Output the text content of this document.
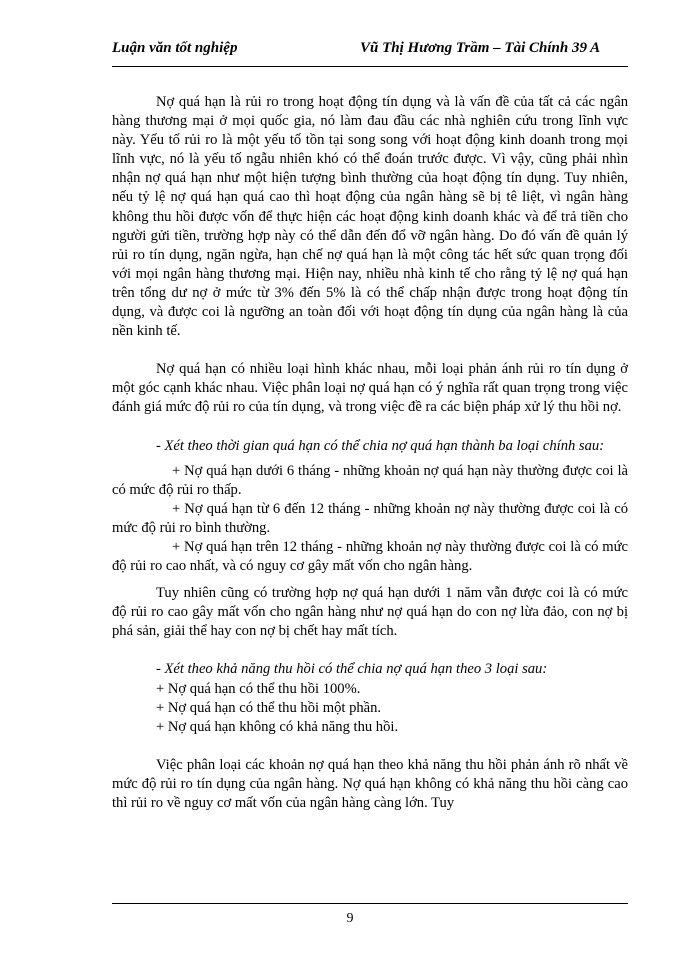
Luận văn tốt nghiệp	Vũ Thị Hương Trầm – Tài Chính 39 A

Nợ quá hạn là rủi ro trong hoạt động tín dụng và là vấn đề của tất cả các ngân hàng thương mại ở mọi quốc gia, nó làm đau đầu các nhà nghiên cứu trong lĩnh vực này. Yếu tố rủi ro là một yếu tố tồn tại song song với hoạt động kinh doanh trong mọi lĩnh vực, nó là yếu tố ngẫu nhiên khó có thể đoán trước được. Vì vậy, cũng phải nhìn nhận nợ quá hạn như một hiện tượng bình thường của hoạt động tín dụng. Tuy nhiên, nếu tỷ lệ nợ quá hạn quá cao thì hoạt động của ngân hàng sẽ bị tê liệt, vì ngân hàng không thu hồi được vốn để thực hiện các hoạt động kinh doanh khác và để trả tiền cho người gửi tiền, trường hợp này có thể dẫn đến đổ vỡ ngân hàng. Do đó vấn đề quản lý rủi ro tín dụng, ngăn ngừa, hạn chế nợ quá hạn là một công tác hết sức quan trọng đối với mọi ngân hàng thương mại. Hiện nay, nhiều nhà kinh tế cho rằng tỷ lệ nợ quá hạn trên tổng dư nợ ở mức từ 3% đến 5% là có thể chấp nhận được trong hoạt động tín dụng, và được coi là ngưỡng an toàn đối với hoạt động tín dụng của ngân hàng là của nền kinh tế.

Nợ quá hạn có nhiều loại hình khác nhau, mỗi loại phản ánh rủi ro tín dụng ở một góc cạnh khác nhau. Việc phân loại nợ quá hạn có ý nghĩa rất quan trọng trong việc đánh giá mức độ rủi ro của tín dụng, và trong việc đề ra các biện pháp xử lý thu hồi nợ.

- Xét theo thời gian quá hạn có thể chia nợ quá hạn thành ba loại chính sau:

+ Nợ quá hạn dưới 6 tháng - những khoản nợ quá hạn này thường được coi là có mức độ rủi ro thấp.

+ Nợ quá hạn từ 6 đến 12 tháng - những khoản nợ này thường được coi là có mức độ rủi ro bình thường.

+ Nợ quá hạn trên 12 tháng - những khoản nợ này thường được coi là có mức độ rủi ro cao nhất, và có nguy cơ gây mất vốn cho ngân hàng.

Tuy nhiên cũng có trường hợp nợ quá hạn dưới 1 năm vẫn được coi là có mức độ rủi ro cao gây mất vốn cho ngân hàng như nợ quá hạn do con nợ lừa đảo, con nợ bị phá sản, giải thể hay con nợ bị chết hay mất tích.

- Xét theo khả năng thu hồi có thể chia nợ quá hạn theo 3 loại sau:

+ Nợ quá hạn có thể thu hồi 100%.

+ Nợ quá hạn có thể thu hồi một phần.

+ Nợ quá hạn không có khả năng thu hồi.

Việc phân loại các khoản nợ quá hạn theo khả năng thu hồi phản ánh rõ nhất về mức độ rủi ro tín dụng của ngân hàng. Nợ quá hạn không có khả năng thu hồi càng cao thì rủi ro về nguy cơ mất vốn của ngân hàng càng lớn. Tuy

9
